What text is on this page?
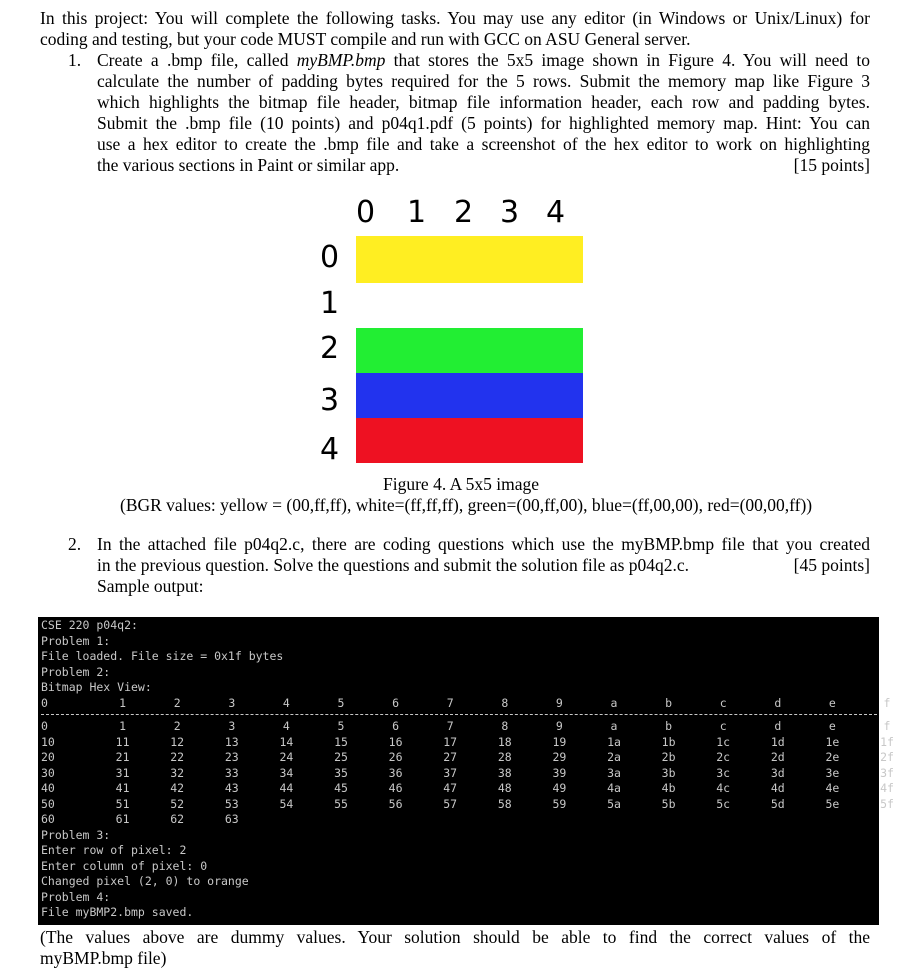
In this project: You will complete the following tasks. You may use any editor (in Windows or Unix/Linux) for
coding and testing, but your code MUST compile and run with GCC on ASU General server.
1. Create a .bmp file, called myBMP.bmp that stores the 5x5 image shown in Figure 4. You will need to
calculate the number of padding bytes required for the 5 rows. Submit the memory map like Figure 3
which highlights the bitmap file header, bitmap file information header, each row and padding bytes.
Submit the .bmp file (10 points) and p04q1.pdf (5 points) for highlighted memory map. Hint: You can
use a hex editor to create the .bmp file and take a screenshot of the hex editor to work on highlighting
the various sections in Paint or similar app.	[15 points]
0 1 2 3 4
0
1
2
3
4
Figure 4. A 5x5 image
(BGR values: yellow = (00,ff,ff), white=(ff,ff,ff), green=(00,ff,00), blue=(ff,00,00), red=(00,00,ff))
2. In the attached file p04q2.c, there are coding questions which use the myBMP.bmp file that you created
in the previous question. Solve the questions and submit the solution file as p04q2.c.	[45 points]
Sample output:
CSE 220 p04q2:
Problem 1:
File loaded. File size = 0x1f bytes
Problem 2:
Bitmap Hex View:
0	1	2	3	4	5	6	7	8	9	a	b	c	d	e	f
0	1	2	3	4	5	6	7	8	9	a	b	c	d	e	f
10	11	12	13	14	15	16	17	18	19	1a	1b	1c	1d	1e	1f
20	21	22	23	24	25	26	27	28	29	2a	2b	2c	2d	2e	2f
30	31	32	33	34	35	36	37	38	39	3a	3b	3c	3d	3e	3f
40	41	42	43	44	45	46	47	48	49	4a	4b	4c	4d	4e	4f
50	51	52	53	54	55	56	57	58	59	5a	5b	5c	5d	5e	5f
60	61	62	63
Problem 3:
Enter row of pixel: 2
Enter column of pixel: 0
Changed pixel (2, 0) to orange
Problem 4:
File myBMP2.bmp saved.
(The values above are dummy values. Your solution should be able to find the correct values of the
myBMP.bmp file)
